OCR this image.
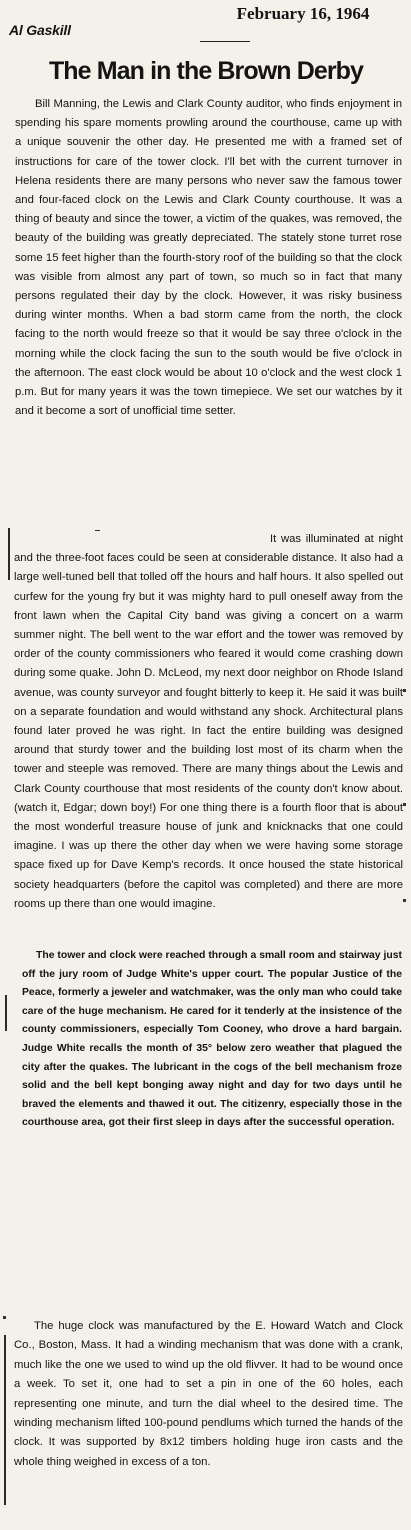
Al Gaskill
February 16, 1964
The Man in the Brown Derby

Bill Manning, the Lewis and Clark County auditor, who finds enjoyment in spending his spare moments prowling around the courthouse, came up with a unique souvenir the other day. He presented me with a framed set of instructions for care of the tower clock. I'll bet with the current turnover in Helena residents there are many persons who never saw the famous tower and four-faced clock on the Lewis and Clark County courthouse. It was a thing of beauty and since the tower, a victim of the quakes, was removed, the beauty of the building was greatly depreciated. The stately stone turret rose some 15 feet higher than the fourth-story roof of the building so that the clock was visible from almost any part of town, so much so in fact that many persons regulated their day by the clock. However, it was risky business during winter months. When a bad storm came from the north, the clock facing to the north would freeze so that it would be say three o'clock in the morning while the clock facing the sun to the south would be five o'clock in the afternoon. The east clock would be about 10 o'clock and the west clock 1 p.m. But for many years it was the town timepiece. We set our watches by it and it become a sort of unofficial time setter.

It was illuminated at night and the three-foot faces could be seen at considerable distance. It also had a large well-tuned bell that tolled off the hours and half hours. It also spelled out curfew for the young fry but it was mighty hard to pull oneself away from the front lawn when the Capital City band was giving a concert on a warm summer night. The bell went to the war effort and the tower was removed by order of the county commissioners who feared it would come crashing down during some quake. John D. McLeod, my next door neighbor on Rhode Island avenue, was county surveyor and fought bitterly to keep it. He said it was built on a separate foundation and would withstand any shock. Architectural plans found later proved he was right. In fact the entire building was designed around that sturdy tower and the building lost most of its charm when the tower and steeple was removed. There are many things about the Lewis and Clark County courthouse that most residents of the county don't know about. (watch it, Edgar; down boy!) For one thing there is a fourth floor that is about the most wonderful treasure house of junk and knicknacks that one could imagine. I was up there the other day when we were having some storage space fixed up for Dave Kemp's records. It once housed the state historical society headquarters (before the capitol was completed) and there are more rooms up there than one would imagine.

The tower and clock were reached through a small room and stairway just off the jury room of Judge White's upper court. The popular Justice of the Peace, formerly a jeweler and watchmaker, was the only man who could take care of the huge mechanism. He cared for it tenderly at the insistence of the county commissioners, especially Tom Cooney, who drove a hard bargain. Judge White recalls the month of 35° below zero weather that plagued the city after the quakes. The lubricant in the cogs of the bell mechanism froze solid and the bell kept bonging away night and day for two days until he braved the elements and thawed it out. The citizenry, especially those in the courthouse area, got their first sleep in days after the successful operation.

The huge clock was manufactured by the E. Howard Watch and Clock Co., Boston, Mass. It had a winding mechanism that was done with a crank, much like the one we used to wind up the old flivver. It had to be wound once a week. To set it, one had to set a pin in one of the 60 holes, each representing one minute, and turn the dial wheel to the desired time. The winding mechanism lifted 100-pound pendlums which turned the hands of the clock. It was supported by 8x12 timbers holding huge iron casts and the whole thing weighed in excess of a ton.
